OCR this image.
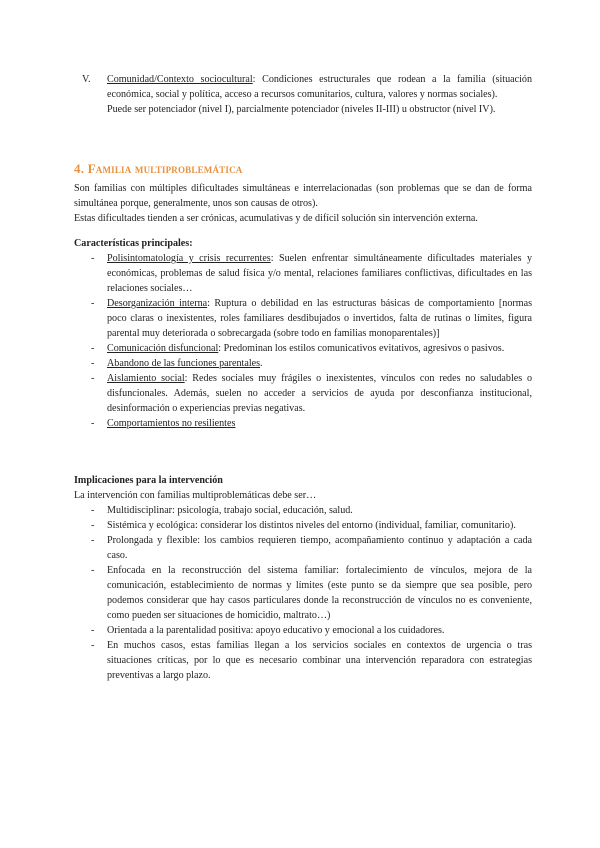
V. Comunidad/Contexto sociocultural: Condiciones estructurales que rodean a la familia (situación económica, social y política, acceso a recursos comunitarios, cultura, valores y normas sociales).
Puede ser potenciador (nivel I), parcialmente potenciador (niveles II-III) u obstructor (nivel IV).
4. Familia multiproblemática
Son familias con múltiples dificultades simultáneas e interrelacionadas (son problemas que se dan de forma simultánea porque, generalmente, unos son causas de otros).
Estas dificultades tienden a ser crónicas, acumulativas y de difícil solución sin intervención externa.
Características principales:
- Polisintomatología y crisis recurrentes: Suelen enfrentar simultáneamente dificultades materiales y económicas, problemas de salud física y/o mental, relaciones familiares conflictivas, dificultades en las relaciones sociales…
- Desorganización interna: Ruptura o debilidad en las estructuras básicas de comportamiento [normas poco claras o inexistentes, roles familiares desdibujados o invertidos, falta de rutinas o límites, figura parental muy deteriorada o sobrecargada (sobre todo en familias monoparentales)]
- Comunicación disfuncional: Predominan los estilos comunicativos evitativos, agresivos o pasivos.
- Abandono de las funciones parentales.
- Aislamiento social: Redes sociales muy frágiles o inexistentes, vínculos con redes no saludables o disfuncionales. Además, suelen no acceder a servicios de ayuda por desconfianza institucional, desinformación o experiencias previas negativas.
- Comportamientos no resilientes
Implicaciones para la intervención
La intervención con familias multiproblemáticas debe ser…
- Multidisciplinar: psicología, trabajo social, educación, salud.
- Sistémica y ecológica: considerar los distintos niveles del entorno (individual, familiar, comunitario).
- Prolongada y flexible: los cambios requieren tiempo, acompañamiento continuo y adaptación a cada caso.
- Enfocada en la reconstrucción del sistema familiar: fortalecimiento de vínculos, mejora de la comunicación, establecimiento de normas y límites (este punto se da siempre que sea posible, pero podemos considerar que hay casos particulares donde la reconstrucción de vínculos no es conveniente, como pueden ser situaciones de homicidio, maltrato…)
- Orientada a la parentalidad positiva: apoyo educativo y emocional a los cuidadores.
- En muchos casos, estas familias llegan a los servicios sociales en contextos de urgencia o tras situaciones críticas, por lo que es necesario combinar una intervención reparadora con estrategias preventivas a largo plazo.
